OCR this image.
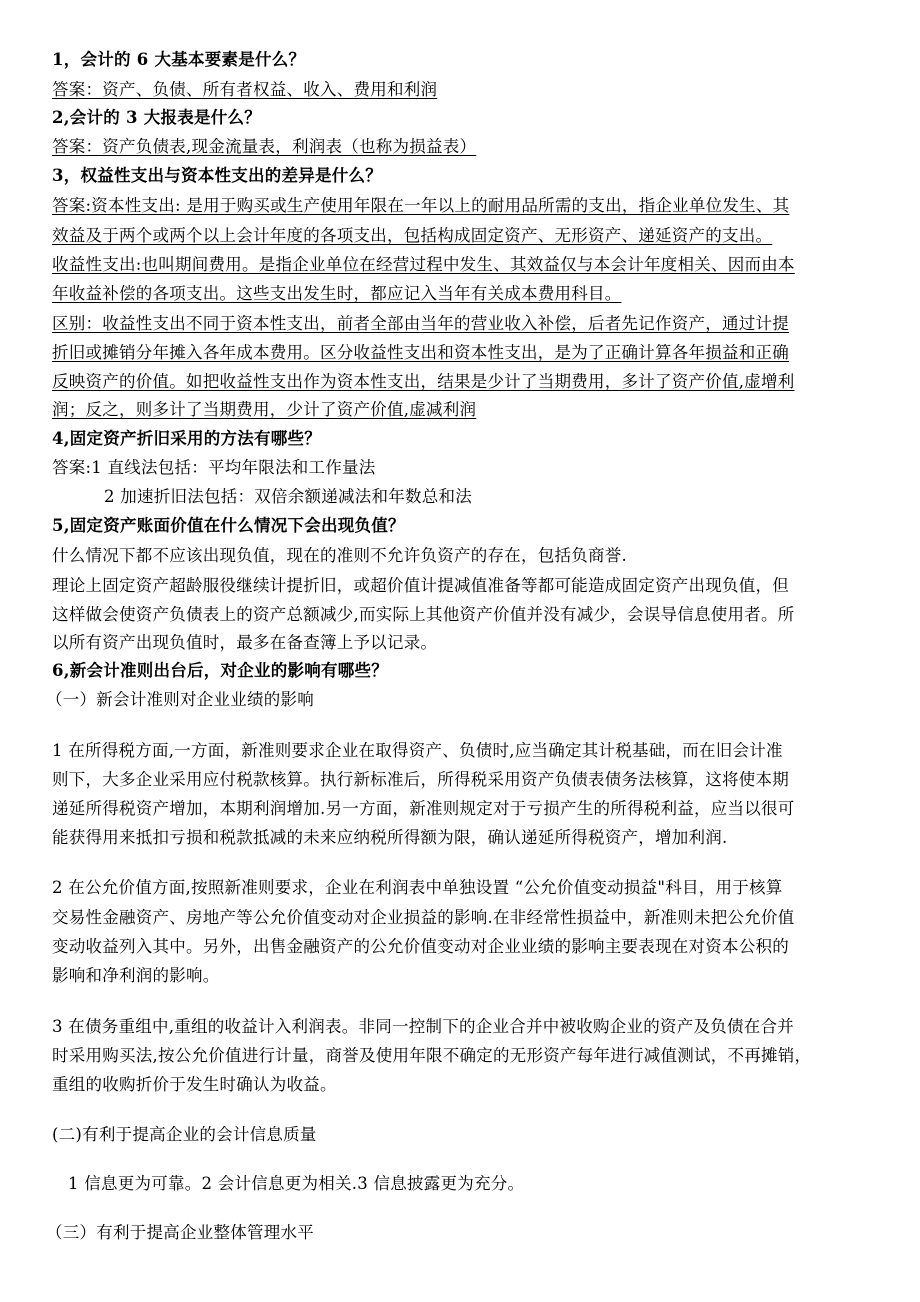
1，会计的 6 大基本要素是什么？
答案：资产、负债、所有者权益、收入、费用和利润
2,会计的 3 大报表是什么？
答案：资产负债表,现金流量表，利润表（也称为损益表）
3，权益性支出与资本性支出的差异是什么？
答案:资本性支出: 是用于购买或生产使用年限在一年以上的耐用品所需的支出，指企业单位发生、其
效益及于两个或两个以上会计年度的各项支出，包括构成固定资产、无形资产、递延资产的支出。
收益性支出:也叫期间费用。是指企业单位在经营过程中发生、其效益仅与本会计年度相关、因而由本
年收益补偿的各项支出。这些支出发生时，都应记入当年有关成本费用科目。
区别：收益性支出不同于资本性支出，前者全部由当年的营业收入补偿，后者先记作资产，通过计提
折旧或摊销分年摊入各年成本费用。区分收益性支出和资本性支出，是为了正确计算各年损益和正确
反映资产的价值。如把收益性支出作为资本性支出，结果是少计了当期费用，多计了资产价值,虚增利
润；反之，则多计了当期费用，少计了资产价值,虚减利润
4,固定资产折旧采用的方法有哪些？
答案:1 直线法包括：平均年限法和工作量法
2 加速折旧法包括：双倍余额递减法和年数总和法
5,固定资产账面价值在什么情况下会出现负值？
什么情况下都不应该出现负值，现在的准则不允许负资产的存在，包括负商誉.
理论上固定资产超龄服役继续计提折旧，或超价值计提减值准备等都可能造成固定资产出现负值，但
这样做会使资产负债表上的资产总额减少,而实际上其他资产价值并没有减少，会误导信息使用者。所
以所有资产出现负值时，最多在备查簿上予以记录。
6,新会计准则出台后，对企业的影响有哪些？
（一）新会计准则对企业业绩的影响
1 在所得税方面,一方面，新准则要求企业在取得资产、负债时,应当确定其计税基础，而在旧会计准
则下，大多企业采用应付税款核算。执行新标准后，所得税采用资产负债表债务法核算，这将使本期
递延所得税资产增加，本期利润增加.另一方面，新准则规定对于亏损产生的所得税利益，应当以很可
能获得用来抵扣亏损和税款抵减的未来应纳税所得额为限，确认递延所得税资产，增加利润.
2 在公允价值方面,按照新准则要求，企业在利润表中单独设置 “公允价值变动损益"科目，用于核算
交易性金融资产、房地产等公允价值变动对企业损益的影响.在非经常性损益中，新准则未把公允价值
变动收益列入其中。另外，出售金融资产的公允价值变动对企业业绩的影响主要表现在对资本公积的
影响和净利润的影响。
3 在债务重组中,重组的收益计入利润表。非同一控制下的企业合并中被收购企业的资产及负债在合并
时采用购买法,按公允价值进行计量，商誉及使用年限不确定的无形资产每年进行减值测试，不再摊销，
重组的收购折价于发生时确认为收益。
(二)有利于提高企业的会计信息质量
1 信息更为可靠。2 会计信息更为相关.3 信息披露更为充分。
（三）有利于提高企业整体管理水平
